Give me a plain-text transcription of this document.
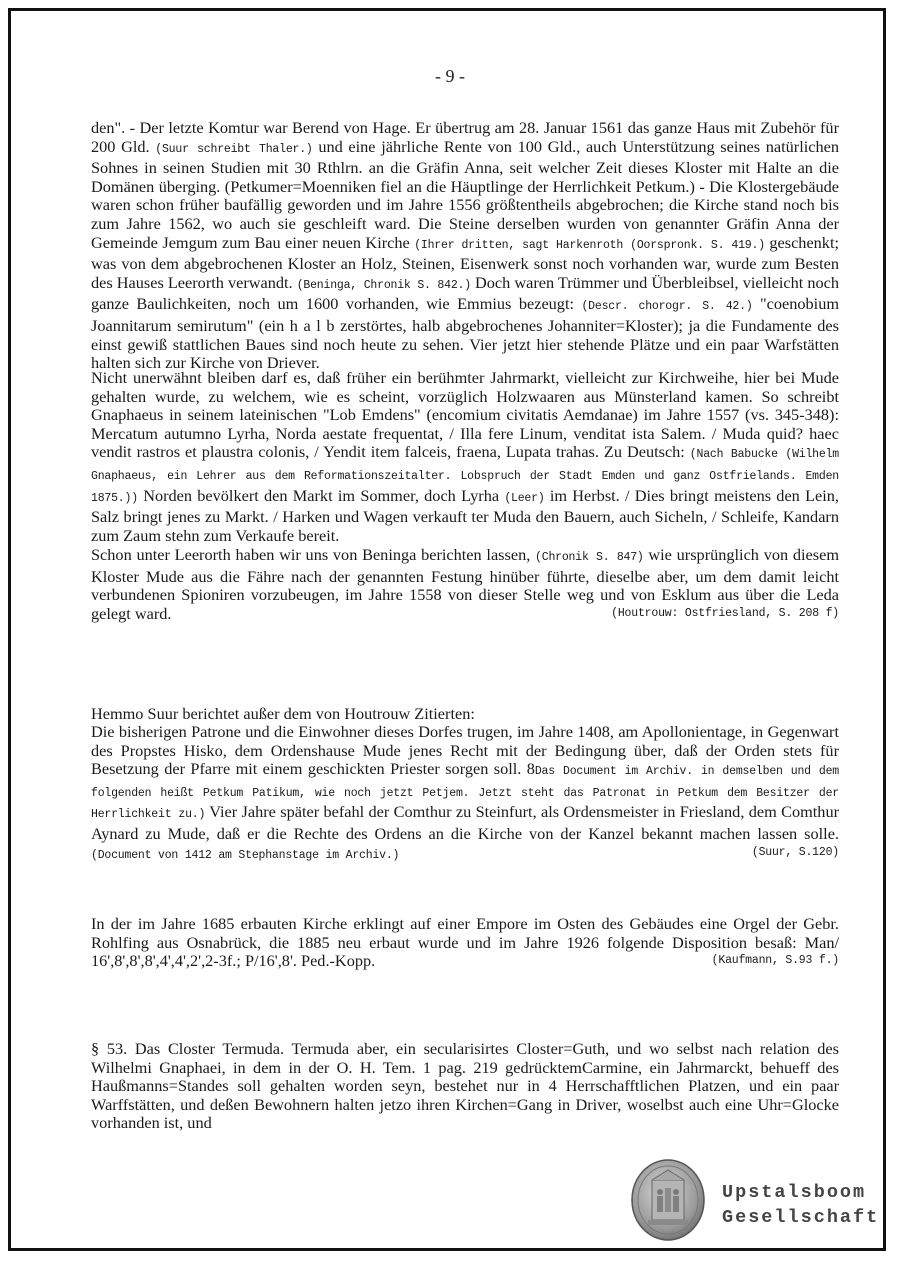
- 9 -

den". - Der letzte Komtur war Berend von Hage. Er übertrug am 28. Januar 1561 das ganze Haus mit Zubehör für 200 Gld. (Suur schreibt Thaler.) und eine jährliche Rente von 100 Gld., auch Unterstützung seines natürlichen Sohnes in seinen Studien mit 30 Rthlrn. an die Gräfin Anna, seit welcher Zeit dieses Kloster mit Halte an die Domänen überging. (Petkumer=Moenniken fiel an die Häuptlinge der Herrlichkeit Petkum.) - Die Klostergebäude waren schon früher baufällig geworden und im Jahre 1556 größtentheils abgebrochen; die Kirche stand noch bis zum Jahre 1562, wo auch sie geschleift ward. Die Steine derselben wurden von genannter Gräfin Anna der Gemeinde Jemgum zum Bau einer neuen Kirche (Ihrer dritten, sagt Harkenroth (Oorspronk. S. 419.) geschenkt; was von dem abgebrochenen Kloster an Holz, Steinen, Eisenwerk sonst noch vorhanden war, wurde zum Besten des Hauses Leerorth verwandt. (Beninga, Chronik S. 842.) Doch waren Trümmer und Überbleibsel, vielleicht noch ganze Baulichkeiten, noch um 1600 vorhanden, wie Emmius bezeugt: (Descr. chorogr. S. 42.) "coenobium Joannitarum semirutum" (ein h a l b zerstörtes, halb abgebrochenes Johanniter=Kloster); ja die Fundamente des einst gewiß stattlichen Baues sind noch heute zu sehen. Vier jetzt hier stehende Plätze und ein paar Warfstätten halten sich zur Kirche von Driever.

Nicht unerwähnt bleiben darf es, daß früher ein berühmter Jahrmarkt, vielleicht zur Kirchweihe, hier bei Mude gehalten wurde, zu welchem, wie es scheint, vorzüglich Holzwaaren aus Münsterland kamen. So schreibt Gnaphaeus in seinem lateinischen "Lob Emdens" (encomium civitatis Aemdanae) im Jahre 1557 (vs. 345-348): Mercatum autumno Lyrha, Norda aestate frequentat, / Illa fere Linum, venditat ista Salem. / Muda quid? haec vendit rastros et plaustra colonis, / Yendit item falceis, fraena, Lupata trahas. Zu Deutsch: (Nach Babucke (Wilhelm Gnaphaeus, ein Lehrer aus dem Reformationszeitalter. Lobspruch der Stadt Emden und ganz Ostfrielands. Emden 1875.)) Norden bevölkert den Markt im Sommer, doch Lyrha (Leer) im Herbst. / Dies bringt meistens den Lein, Salz bringt jenes zu Markt. / Harken und Wagen verkauft ter Muda den Bauern, auch Sicheln, / Schleife, Kandarn zum Zaum stehn zum Verkaufe bereit.

Schon unter Leerorth haben wir uns von Beninga berichten lassen, (Chronik S. 847) wie ursprünglich von diesem Kloster Mude aus die Fähre nach der genannten Festung hinüber führte, dieselbe aber, um dem damit leicht verbundenen Spioniren vorzubeugen, im Jahre 1558 von dieser Stelle weg und von Esklum aus über die Leda gelegt ward.	(Houtrouw: Ostfriesland, S. 208 f)

Hemmo Suur berichtet außer dem von Houtrouw Zitierten:

Die bisherigen Patrone und die Einwohner dieses Dorfes trugen, im Jahre 1408, am Apollonientage, in Gegenwart des Propstes Hisko, dem Ordenshause Mude jenes Recht mit der Bedingung über, daß der Orden stets für Besetzung der Pfarre mit einem geschickten Priester sorgen soll. 8Das Document im Archiv. in demselben und dem folgenden heißt Petkum Patikum, wie noch jetzt Petjem. Jetzt steht das Patronat in Petkum dem Besitzer der Herrlichkeit zu.) Vier Jahre später befahl der Comthur zu Steinfurt, als Ordensmeister in Friesland, dem Comthur Aynard zu Mude, daß er die Rechte des Ordens an die Kirche von der Kanzel bekannt machen lassen solle. (Document von 1412 am Stephanstage im Archiv.)	(Suur, S.120)

In der im Jahre 1685 erbauten Kirche erklingt auf einer Empore im Osten des Gebäudes eine Orgel der Gebr. Rohlfing aus Osnabrück, die 1885 neu erbaut wurde und im Jahre 1926 folgende Disposition besaß: Man/ 16',8',8',8',4',4',2',2-3f.; P/16',8'. Ped.-Kopp.	(Kaufmann, S.93 f.)

§ 53. Das Closter Termuda. Termuda aber, ein secularisirtes Closter=Guth, und wo selbst nach relation des Wilhelmi Gnaphaei, in dem in der O. H. Tem. 1 pag. 219 gedrücktemCarmine, ein Jahrmarckt, behueff des Haußmanns=Standes soll gehalten worden seyn, bestehet nur in 4 Herrschafftlichen Platzen, und ein paar Warffstätten, und deßen Bewohnern halten jetzo ihren Kirchen=Gang in Driver, woselbst auch eine Uhr=Glocke vorhanden ist, und

Upstalsboom
Gesellschaft
